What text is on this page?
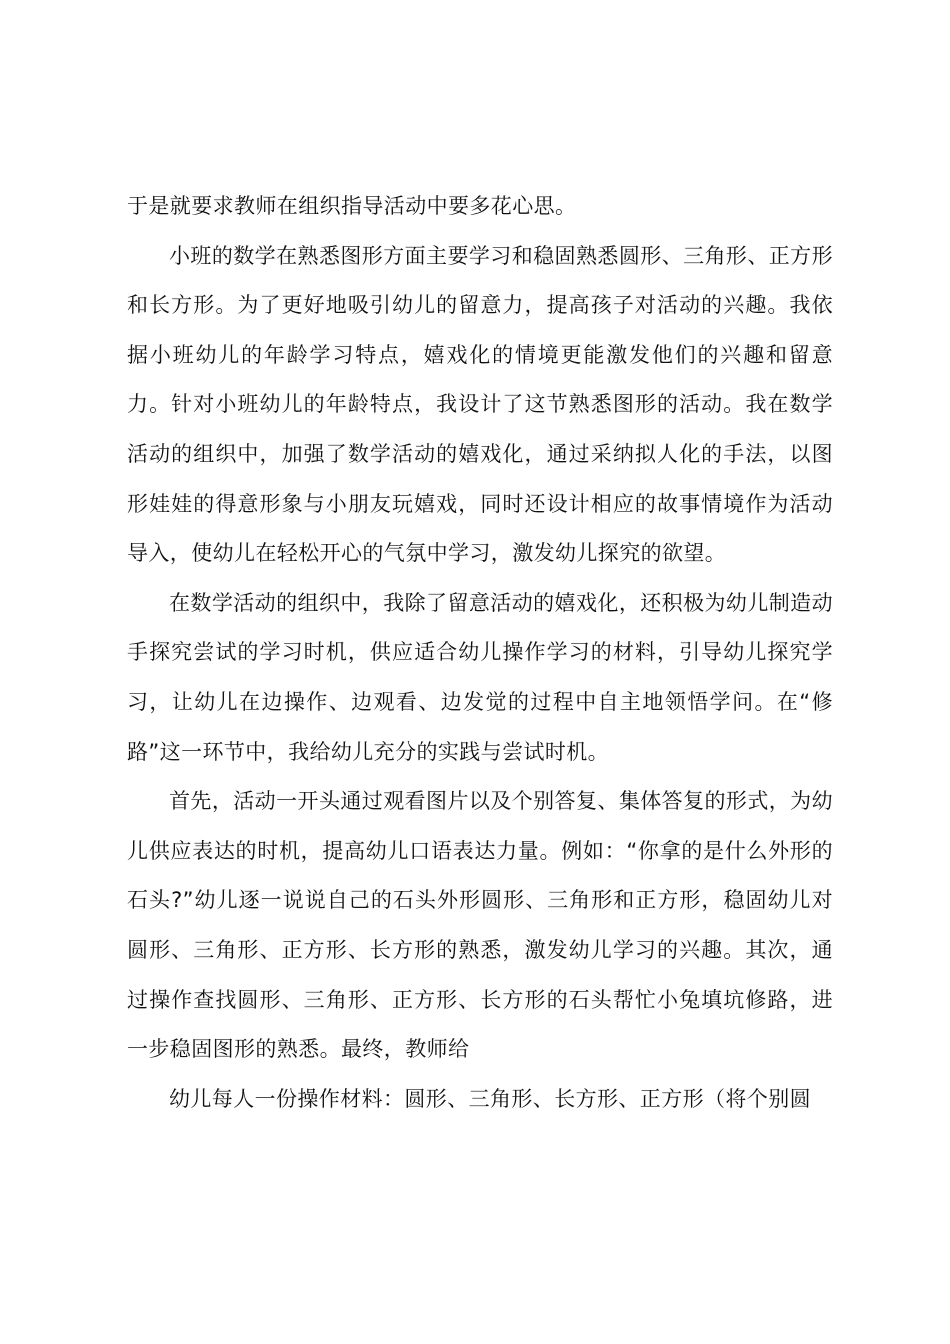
于是就要求教师在组织指导活动中要多花心思。

小班的数学在熟悉图形方面主要学习和稳固熟悉圆形、三角形、正方形和长方形。为了更好地吸引幼儿的留意力，提高孩子对活动的兴趣。我依据小班幼儿的年龄学习特点，嬉戏化的情境更能激发他们的兴趣和留意力。针对小班幼儿的年龄特点，我设计了这节熟悉图形的活动。我在数学活动的组织中，加强了数学活动的嬉戏化，通过采纳拟人化的手法，以图形娃娃的得意形象与小朋友玩嬉戏，同时还设计相应的故事情境作为活动导入，使幼儿在轻松开心的气氛中学习，激发幼儿探究的欲望。

在数学活动的组织中，我除了留意活动的嬉戏化，还积极为幼儿制造动手探究尝试的学习时机，供应适合幼儿操作学习的材料，引导幼儿探究学习，让幼儿在边操作、边观看、边发觉的过程中自主地领悟学问。在“修路”这一环节中，我给幼儿充分的实践与尝试时机。

首先，活动一开头通过观看图片以及个别答复、集体答复的形式，为幼儿供应表达的时机，提高幼儿口语表达力量。例如：“你拿的是什么外形的石头?”幼儿逐一说说自己的石头外形圆形、三角形和正方形，稳固幼儿对圆形、三角形、正方形、长方形的熟悉，激发幼儿学习的兴趣。其次，通过操作查找圆形、三角形、正方形、长方形的石头帮忙小兔填坑修路，进一步稳固图形的熟悉。最终，教师给

幼儿每人一份操作材料：圆形、三角形、长方形、正方形（将个别圆
